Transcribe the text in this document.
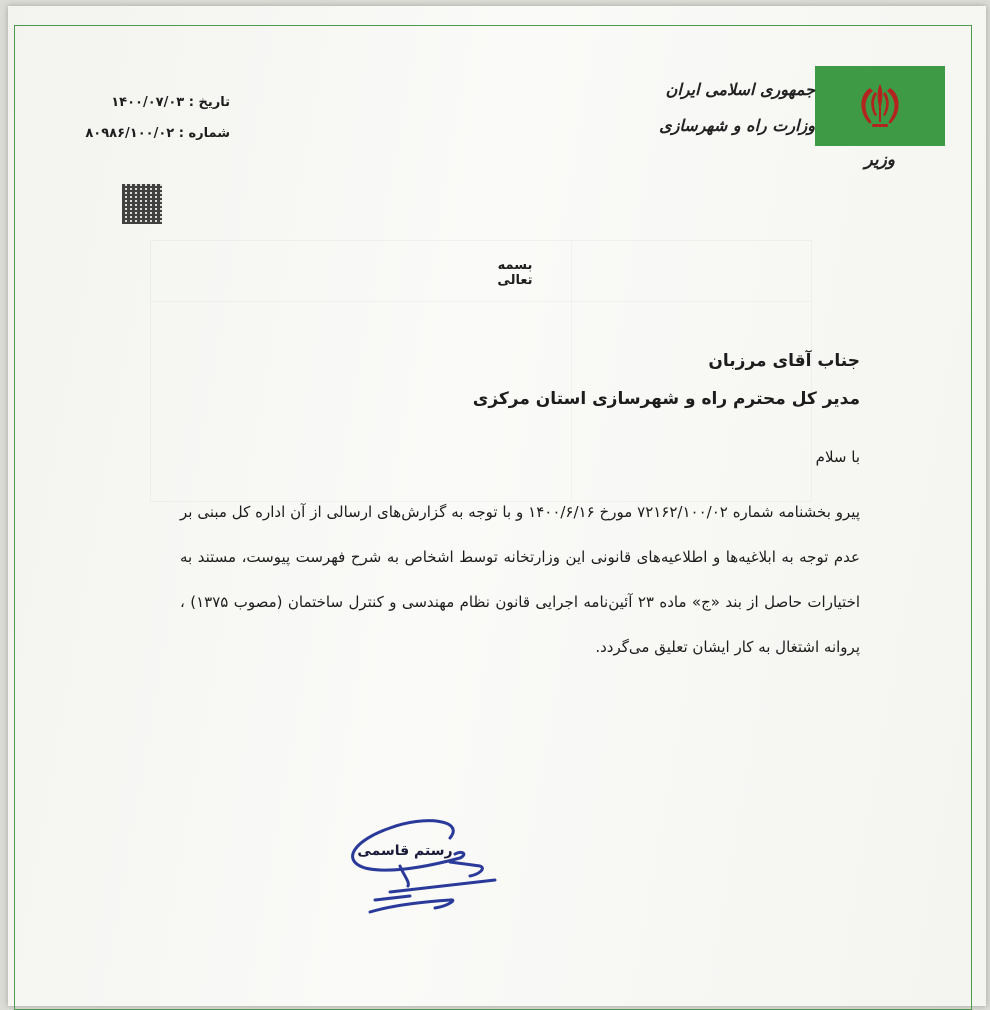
جمهوری اسلامی ایران
وزارت راه و شهرسازی
وزیر
تاریخ : ۱۴۰۰/۰۷/۰۳
شماره : ۸۰۹۸۶/۱۰۰/۰۲
بسمه تعالی
جناب آقای مرزبان
مدیر کل محترم راه و شهرسازی استان مرکزی
با سلام
پیرو بخشنامه شماره ۷۲۱۶۲/۱۰۰/۰۲ مورخ ۱۴۰۰/۶/۱۶ و با توجه به گزارش‌های ارسالی از آن اداره کل مبنی بر عدم توجه به ابلاغیه‌ها و اطلاعیه‌های قانونی این وزارتخانه توسط اشخاص به شرح فهرست پیوست، مستند به اختیارات حاصل از بند «ج» ماده ۲۳ آئین‌نامه اجرایی قانون نظام مهندسی و کنترل ساختمان (مصوب ۱۳۷۵) ، پروانه اشتغال به کار ایشان تعلیق می‌گردد.
رستم قاسمی
